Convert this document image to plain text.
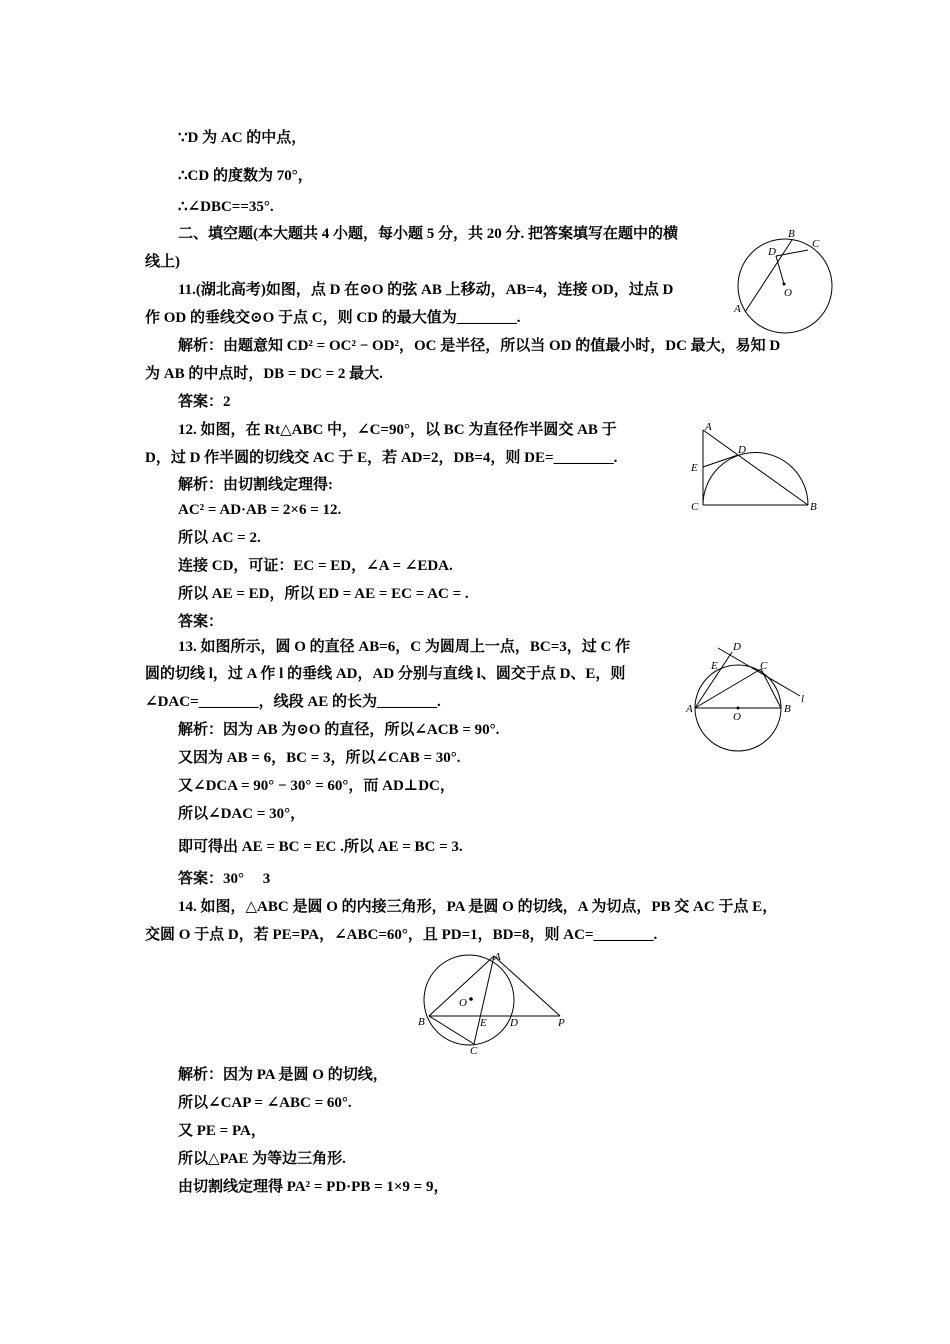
∵D 为 AC 的中点，
∴CD 的度数为 70°，
∴∠DBC==35°.
二、填空题(本大题共 4 小题，每小题 5 分，共 20 分. 把答案填写在题中的横
线上)
11.(湖北高考)如图，点 D 在⊙O 的弦 AB 上移动，AB=4，连接 OD，过点 D
作 OD 的垂线交⊙O 于点 C，则 CD 的最大值为________.
解析：由题意知 CD² = OC² − OD²，OC 是半径，所以当 OD 的值最小时，DC 最大，易知 D
为 AB 的中点时，DB = DC = 2 最大.
答案：2
12. 如图，在 Rt△ABC 中，∠C=90°，以 BC 为直径作半圆交 AB 于
D，过 D 作半圆的切线交 AC 于 E，若 AD=2，DB=4，则 DE=________.
解析：由切割线定理得:
AC² = AD·AB = 2×6 = 12.
所以 AC = 2.
连接 CD，可证：EC = ED，∠A = ∠EDA.
所以 AE = ED，所以 ED = AE = EC = AC = .
答案：
13. 如图所示，圆 O 的直径 AB=6，C 为圆周上一点，BC=3，过 C 作
圆的切线 l，过 A 作 l 的垂线 AD，AD 分别与直线 l、圆交于点 D、E，则
∠DAC=________，线段 AE 的长为________.
解析：因为 AB 为⊙O 的直径，所以∠ACB = 90°.
又因为 AB = 6，BC = 3，所以∠CAB = 30°.
又∠DCA = 90° − 30° = 60°，而 AD⊥DC，
所以∠DAC = 30°，
即可得出 AE = BC = EC .所以 AE = BC = 3.
答案：30°　 3
14. 如图，△ABC 是圆 O 的内接三角形，PA 是圆 O 的切线，A 为切点，PB 交 AC 于点 E，
交圆 O 于点 D，若 PE=PA，∠ABC=60°，且 PD=1，BD=8，则 AC=________.
解析：因为 PA 是圆 O 的切线，
所以∠CAP = ∠ABC = 60°.
又 PE = PA，
所以△PAE 为等边三角形.
由切割线定理得 PA² = PD·PB = 1×9 = 9，
B
C
D
O
A
A
D
E
C	B
D
E	C
l
A
O
B
A
O
B	E D	P
C
